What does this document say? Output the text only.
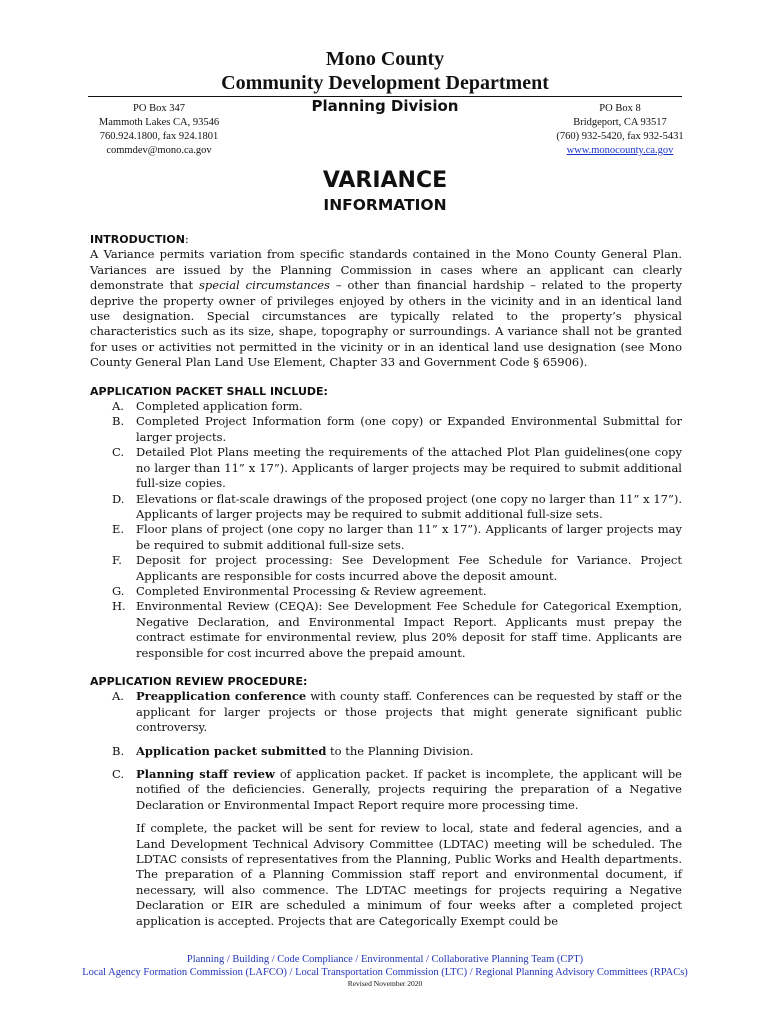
Mono County
Community Development Department
Planning Division
PO Box 347
Mammoth Lakes CA, 93546
760.924.1800, fax 924.1801
commdev@mono.ca.gov
PO Box 8
Bridgeport, CA 93517
(760) 932-5420, fax 932-5431
www.monocounty.ca.gov
VARIANCE
INFORMATION
INTRODUCTION:

A Variance permits variation from specific standards contained in the Mono County General Plan. Variances are issued by the Planning Commission in cases where an applicant can clearly demonstrate that special circumstances – other than financial hardship – related to the property deprive the property owner of privileges enjoyed by others in the vicinity and in an identical land use designation. Special circumstances are typically related to the property’s physical characteristics such as its size, shape, topography or surroundings. A variance shall not be granted for uses or activities not permitted in the vicinity or in an identical land use designation (see Mono County General Plan Land Use Element, Chapter 33 and Government Code § 65906).

APPLICATION PACKET SHALL INCLUDE:
A. Completed application form.
B. Completed Project Information form (one copy) or Expanded Environmental Submittal for larger projects.
C. Detailed Plot Plans meeting the requirements of the attached Plot Plan guidelines(one copy no larger than 11” x 17”). Applicants of larger projects may be required to submit additional full-size copies.
D. Elevations or flat-scale drawings of the proposed project (one copy no larger than 11” x 17”). Applicants of larger projects may be required to submit additional full-size sets.
E. Floor plans of project (one copy no larger than 11” x 17”). Applicants of larger projects may be required to submit additional full-size sets.
F. Deposit for project processing: See Development Fee Schedule for Variance. Project Applicants are responsible for costs incurred above the deposit amount.
G. Completed Environmental Processing & Review agreement.
H. Environmental Review (CEQA): See Development Fee Schedule for Categorical Exemption, Negative Declaration, and Environmental Impact Report. Applicants must prepay the contract estimate for environmental review, plus 20% deposit for staff time. Applicants are responsible for cost incurred above the prepaid amount.
APPLICATION REVIEW PROCEDURE:
A. Preapplication conference with county staff. Conferences can be requested by staff or the applicant for larger projects or those projects that might generate significant public controversy.
B. Application packet submitted to the Planning Division.
C. Planning staff review of application packet. If packet is incomplete, the applicant will be notified of the deficiencies. Generally, projects requiring the preparation of a Negative Declaration or Environmental Impact Report require more processing time.

If complete, the packet will be sent for review to local, state and federal agencies, and a Land Development Technical Advisory Committee (LDTAC) meeting will be scheduled. The LDTAC consists of representatives from the Planning, Public Works and Health departments. The preparation of a Planning Commission staff report and environmental document, if necessary, will also commence. The LDTAC meetings for projects requiring a Negative Declaration or EIR are scheduled a minimum of four weeks after a completed project application is accepted. Projects that are Categorically Exempt could be

Planning / Building / Code Compliance / Environmental / Collaborative Planning Team (CPT)
Local Agency Formation Commission (LAFCO) / Local Transportation Commission (LTC) / Regional Planning Advisory Committees (RPACs)
Revised November 2020
